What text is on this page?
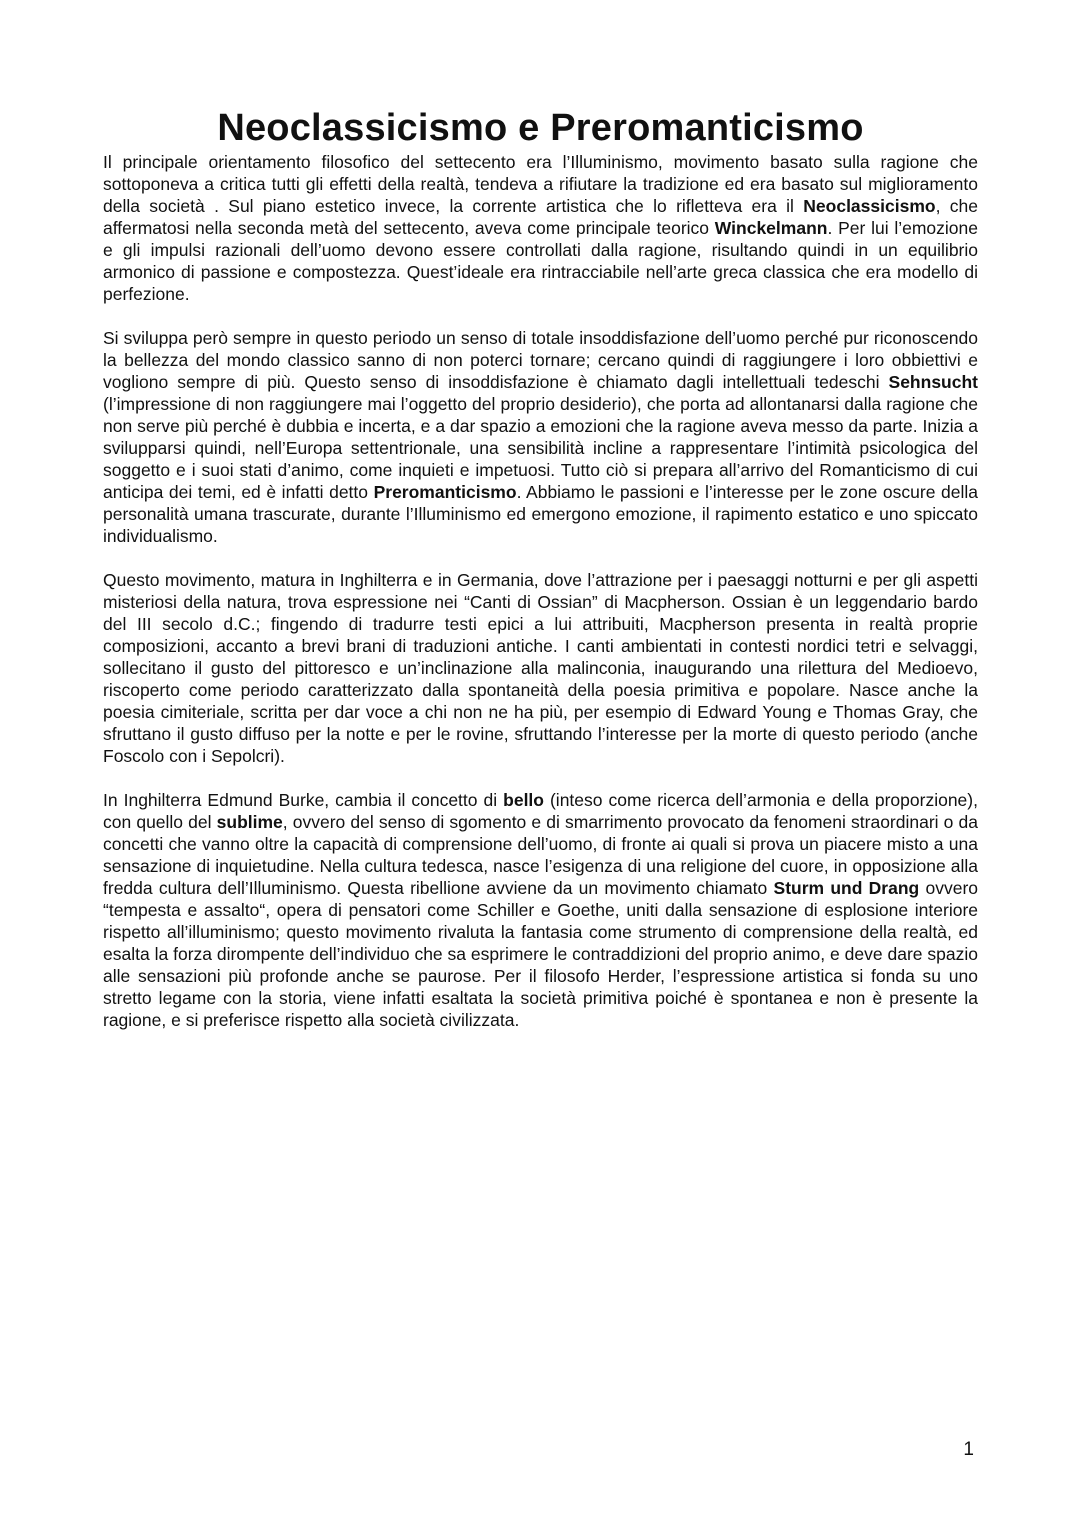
Neoclassicismo e Preromanticismo

Il principale orientamento filosofico del settecento era l’Illuminismo, movimento basato sulla ragione che sottoponeva a critica tutti gli effetti della realtà, tendeva a rifiutare la tradizione ed era basato sul miglioramento della società . Sul piano estetico invece, la corrente artistica che lo rifletteva era il Neoclassicismo, che affermatosi nella seconda metà del settecento, aveva come principale teorico Winckelmann. Per lui l’emozione e gli impulsi razionali dell’uomo devono essere controllati dalla ragione, risultando quindi in un equilibrio armonico di passione e compostezza. Quest’ideale era rintracciabile nell’arte greca classica che era modello di perfezione.

Si sviluppa però sempre in questo periodo un senso di totale insoddisfazione dell’uomo perché pur riconoscendo la bellezza del mondo classico sanno di non poterci tornare; cercano quindi di raggiungere i loro obbiettivi e vogliono sempre di più. Questo senso di insoddisfazione è chiamato dagli intellettuali tedeschi Sehnsucht (l’impressione di non raggiungere mai l’oggetto del proprio desiderio), che porta ad allontanarsi dalla ragione che non serve più perché è dubbia e incerta, e a dar spazio a emozioni che la ragione aveva messo da parte. Inizia a svilupparsi quindi, nell’Europa settentrionale, una sensibilità incline a rappresentare l’intimità psicologica del soggetto e i suoi stati d’animo, come inquieti e impetuosi. Tutto ciò si prepara all’arrivo del Romanticismo di cui anticipa dei temi, ed è infatti detto Preromanticismo. Abbiamo le passioni e l’interesse per le zone oscure della personalità umana trascurate, durante l’Illuminismo ed emergono emozione, il rapimento estatico e uno spiccato individualismo.

Questo movimento, matura in Inghilterra e in Germania, dove l’attrazione per i paesaggi notturni e per gli aspetti misteriosi della natura, trova espressione nei “Canti di Ossian” di Macpherson. Ossian è un leggendario bardo del III secolo d.C.; fingendo di tradurre testi epici a lui attribuiti, Macpherson presenta in realtà proprie composizioni, accanto a brevi brani di traduzioni antiche. I canti ambientati in contesti nordici tetri e selvaggi, sollecitano il gusto del pittoresco e un’inclinazione alla malinconia, inaugurando una rilettura del Medioevo, riscoperto come periodo caratterizzato dalla spontaneità della poesia primitiva e popolare. Nasce anche la poesia cimiteriale, scritta per dar voce a chi non ne ha più, per esempio di Edward Young e Thomas Gray, che sfruttano il gusto diffuso per la notte e per le rovine, sfruttando l’interesse per la morte di questo periodo (anche Foscolo con i Sepolcri).

In Inghilterra Edmund Burke, cambia il concetto di bello (inteso come ricerca dell’armonia e della proporzione), con quello del sublime, ovvero del senso di sgomento e di smarrimento provocato da fenomeni straordinari o da concetti che vanno oltre la capacità di comprensione dell’uomo, di fronte ai quali si prova un piacere misto a una sensazione di inquietudine. Nella cultura tedesca, nasce l’esigenza di una religione del cuore, in opposizione alla fredda cultura dell’Illuminismo. Questa ribellione avviene da un movimento chiamato Sturm und Drang ovvero “tempesta e assalto“, opera di pensatori come Schiller e Goethe, uniti dalla sensazione di esplosione interiore rispetto all’illuminismo; questo movimento rivaluta la fantasia come strumento di comprensione della realtà, ed esalta la forza dirompente dell’individuo che sa esprimere le contraddizioni del proprio animo, e deve dare spazio alle sensazioni più profonde anche se paurose. Per il filosofo Herder, l’espressione artistica si fonda su uno stretto legame con la storia, viene infatti esaltata la società primitiva poiché è spontanea e non è presente la ragione, e si preferisce rispetto alla società civilizzata.

1
